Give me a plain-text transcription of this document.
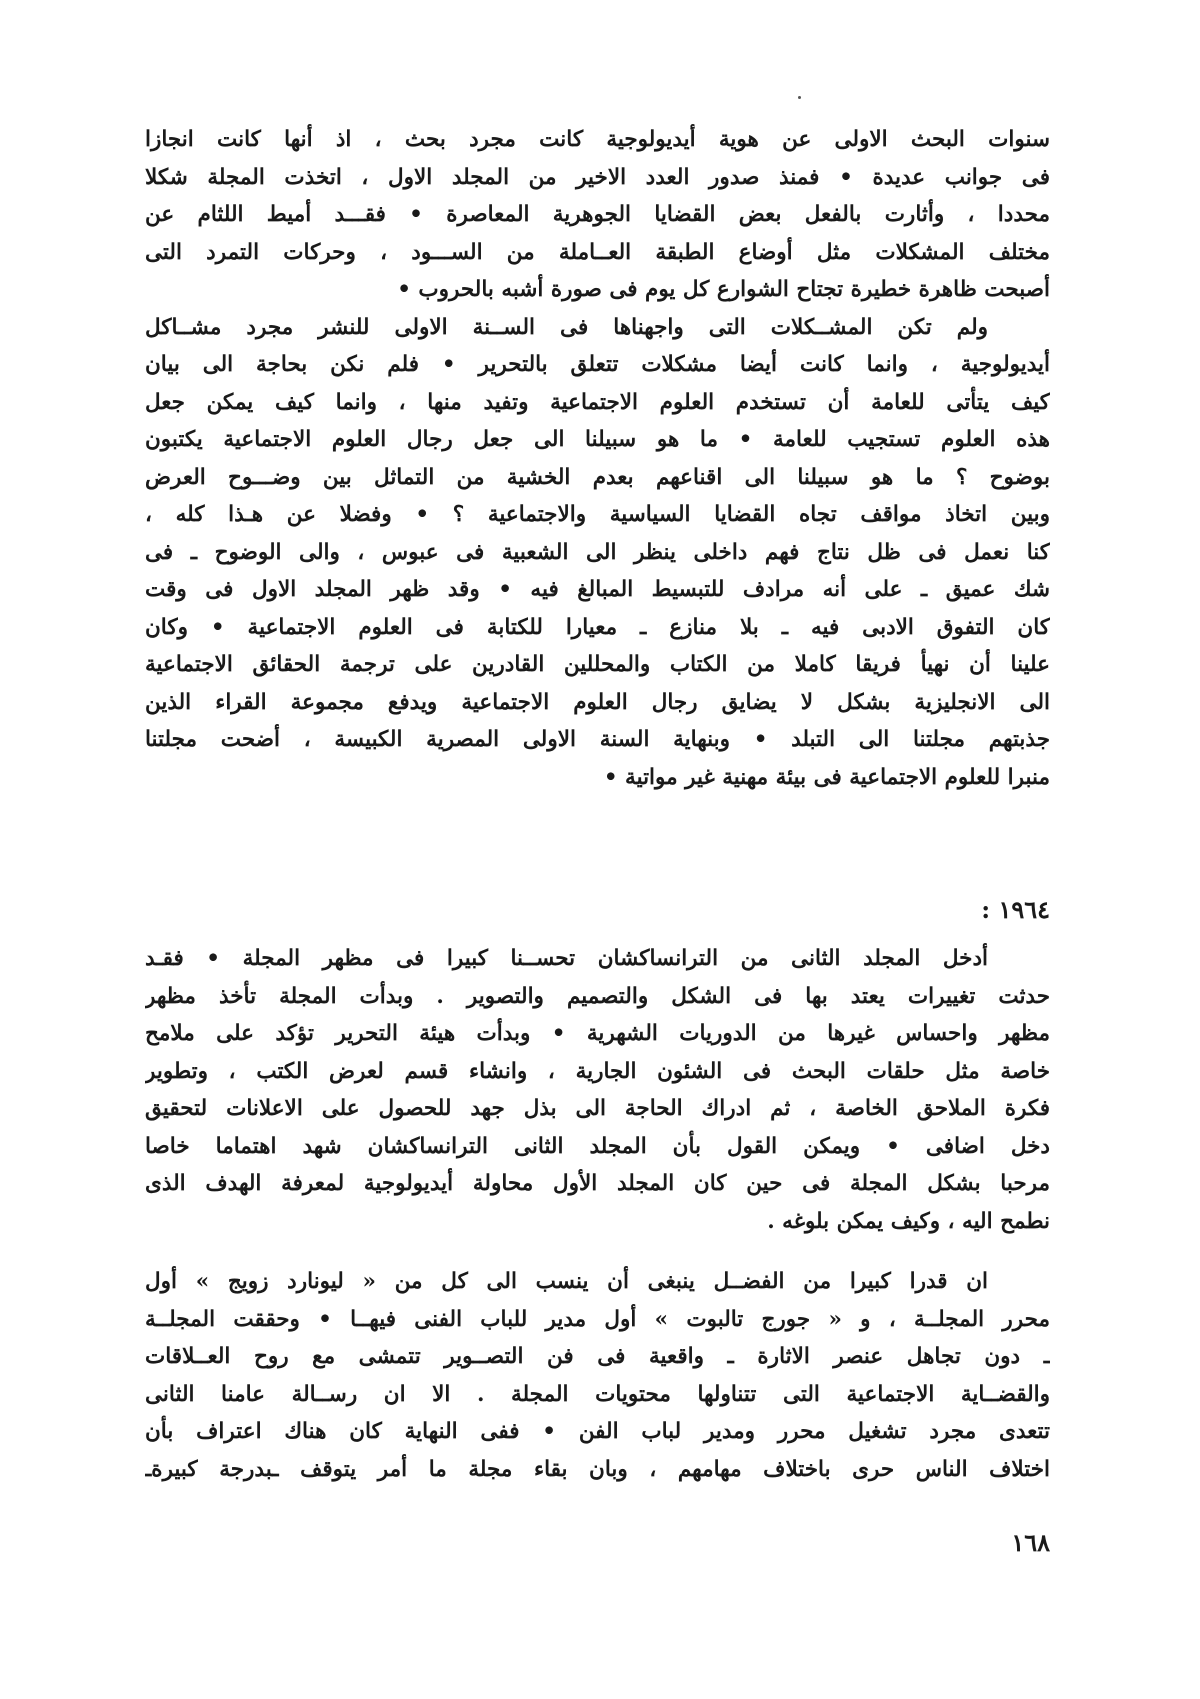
سنوات البحث الاولى عن هوية أيديولوجية كانت مجرد بحث ، اذ أنها كانت انجازا
فى جوانب عديدة • فمنذ صدور العدد الاخير من المجلد الاول ، اتخذت المجلة شكلا
محددا ، وأثارت بالفعل بعض القضايا الجوهرية المعاصرة • فقـــد أميط اللثام عن
مختلف المشكلات مثل أوضاع الطبقة العــاملة من الســـود ، وحركات التمرد التى
أصبحت ظاهرة خطيرة تجتاح الشوارع كل يوم فى صورة أشبه بالحروب •
ولم تكن المشــكلات التى واجهناها فى الســنة الاولى للنشر مجرد مشــاكل
أيديولوجية ، وانما كانت أيضا مشكلات تتعلق بالتحرير • فلم نكن بحاجة الى بيان
كيف يتأتى للعامة أن تستخدم العلوم الاجتماعية وتفيد منها ، وانما كيف يمكن جعل
هذه العلوم تستجيب للعامة • ما هو سبيلنا الى جعل رجال العلوم الاجتماعية يكتبون
بوضوح ؟ ما هو سبيلنا الى اقناعهم بعدم الخشية من التماثل بين وضـــوح العرض
وبين اتخاذ مواقف تجاه القضايا السياسية والاجتماعية ؟ • وفضلا عن هـذا كله ،
كنا نعمل فى ظل نتاج فهم داخلى ينظر الى الشعبية فى عبوس ، والى الوضوح ـ فى
شك عميق ـ على أنه مرادف للتبسيط المبالغ فيه • وقد ظهر المجلد الاول فى وقت
كان التفوق الادبى فيه ـ بلا منازع ـ معيارا للكتابة فى العلوم الاجتماعية • وكان
علينا أن نهيأ فريقا كاملا من الكتاب والمحللين القادرين على ترجمة الحقائق الاجتماعية
الى الانجليزية بشكل لا يضايق رجال العلوم الاجتماعية ويدفع مجموعة القراء الذين
جذبتهم مجلتنا الى التبلد • وبنهاية السنة الاولى المصرية الكبيسة ، أضحت مجلتنا
منبرا للعلوم الاجتماعية فى بيئة مهنية غير مواتية •
١٩٦٤ :
أدخل المجلد الثانى من الترانساكشان تحســنا كبيرا فى مظهر المجلة • فقـد
حدثت تغييرات يعتد بها فى الشكل والتصميم والتصوير . وبدأت المجلة تأخذ مظهر
مظهر واحساس غيرها من الدوريات الشهرية • وبدأت هيئة التحرير تؤكد على ملامح
خاصة مثل حلقات البحث فى الشئون الجارية ، وانشاء قسم لعرض الكتب ، وتطوير
فكرة الملاحق الخاصة ، ثم ادراك الحاجة الى بذل جهد للحصول على الاعلانات لتحقيق
دخل اضافى • ويمكن القول بأن المجلد الثانى الترانساكشان شهد اهتماما خاصا
مرحبا بشكل المجلة فى حين كان المجلد الأول محاولة أيديولوجية لمعرفة الهدف الذى
نطمح اليه ، وكيف يمكن بلوغه .
ان قدرا كبيرا من الفضــل ينبغى أن ينسب الى كل من « ليونارد زويج » أول
محرر المجلــة ، و « جورج تالبوت » أول مدير للباب الفنى فيهــا • وحققت المجلــة
ـ دون تجاهل عنصر الاثارة ـ واقعية فى فن التصــوير تتمشى مع روح العــلاقات
والقضــاية الاجتماعية التى تتناولها محتويات المجلة . الا ان رســالة عامنا الثانى
تتعدى مجرد تشغيل محرر ومدير لباب الفن • ففى النهاية كان هناك اعتراف بأن
اختلاف الناس حرى باختلاف مهامهم ، وبان بقاء مجلة ما أمر يتوقف ـبدرجة كبيرةـ
١٦٨
